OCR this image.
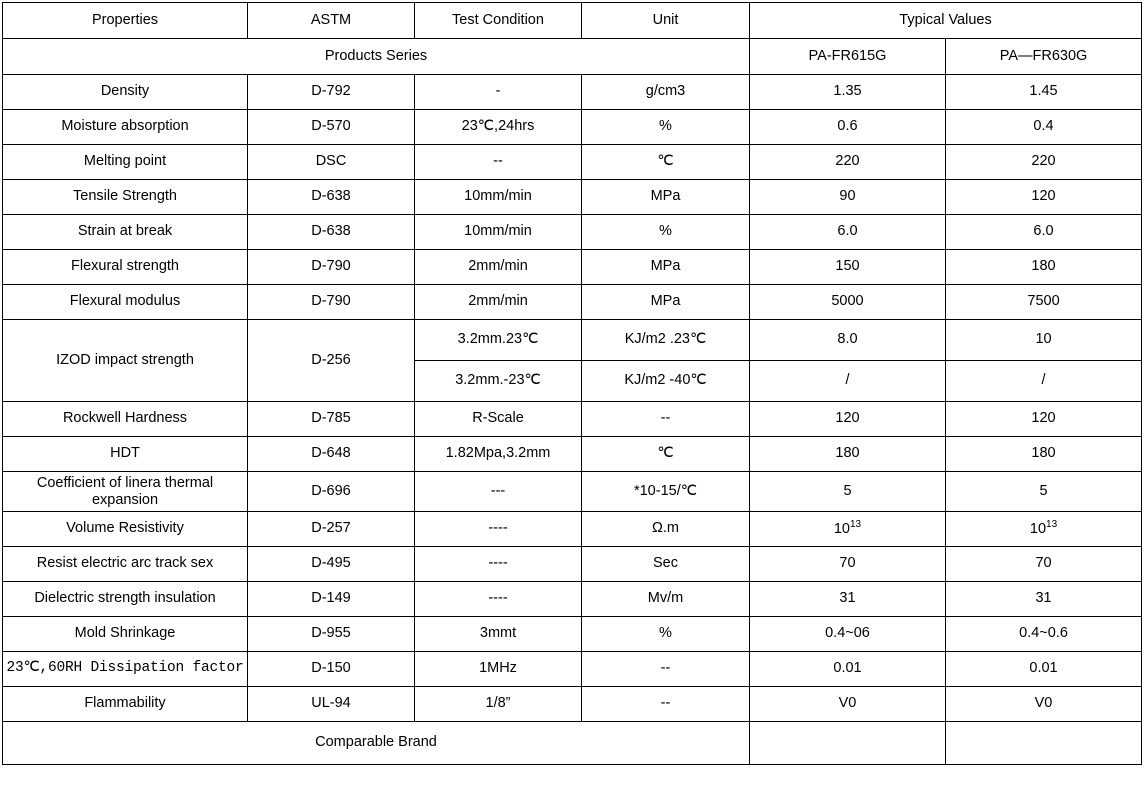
Properties	ASTM	Test Condition	Unit	Typical Values	
Products Series				PA-FR615G	PA—FR630G
Density	D-792	-	g/cm3	1.35	1.45
Moisture absorption	D-570	23℃,24hrs	%	0.6	0.4
Melting point	DSC	--	℃	220	220
Tensile Strength	D-638	10mm/min	MPa	90	120
Strain at break	D-638	10mm/min	%	6.0	6.0
Flexural strength	D-790	2mm/min	MPa	150	180
Flexural modulus	D-790	2mm/min	MPa	5000	7500
IZOD impact strength	D-256	3.2mm.23℃	KJ/m2 .23℃	8.0	10
		3.2mm.-23℃	KJ/m2 -40℃	/	/
Rockwell Hardness	D-785	R-Scale	--	120	120
HDT	D-648	1.82Mpa,3.2mm	℃	180	180

Coefficient of linera thermal
expansion	D-696	---	*10-15/℃	5	5
Volume Resistivity	D-257	----	Ω.m	$10^{13}$	$10^{13}$
Resist electric arc track sex	D-495	----	Sec	70	70
Dielectric strength insulation	D-149	----	Mv/m	31	31
Mold Shrinkage	D-955	3mmt	%	0.4~06	0.4~0.6
23℃,60RH Dissipation factor	D-150	1MHz	--	0.01	0.01
Flammability	UL-94	1/8”	--	V0	V0
Comparable Brand					
